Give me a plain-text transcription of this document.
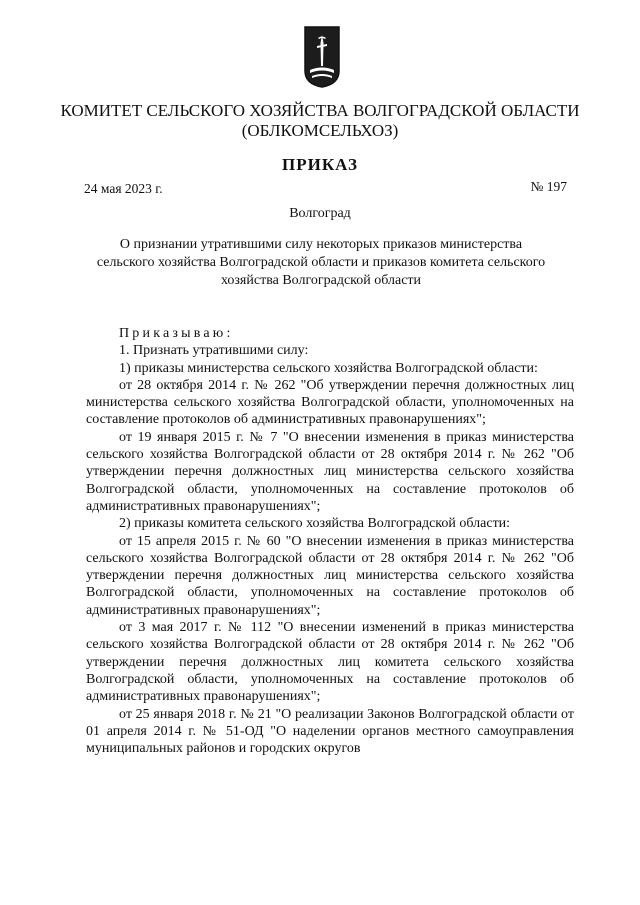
КОМИТЕТ СЕЛЬСКОГО ХОЗЯЙСТВА ВОЛГОГРАДСКОЙ ОБЛАСТИ
(ОБЛКОМСЕЛЬХОЗ)
ПРИКАЗ
24 мая 2023 г.	№ 197
Волгоград
О признании утратившими силу некоторых приказов министерства сельского хозяйства Волгоградской области и приказов комитета сельского хозяйства Волгоградской области

Приказываю:

1. Признать утратившими силу:

1) приказы министерства сельского хозяйства Волгоградской области:

от 28 октября 2014 г. № 262 "Об утверждении перечня должностных лиц министерства сельского хозяйства Волгоградской области, уполномоченных на составление протоколов об административных правонарушениях";

от 19 января 2015 г. № 7 "О внесении изменения в приказ министерства сельского хозяйства Волгоградской области от 28 октября 2014 г. № 262 "Об утверждении перечня должностных лиц министерства сельского хозяйства Волгоградской области, уполномоченных на составление протоколов об административных правонарушениях";

2) приказы комитета сельского хозяйства Волгоградской области:

от 15 апреля 2015 г. № 60 "О внесении изменения в приказ министерства сельского хозяйства Волгоградской области от 28 октября 2014 г. № 262 "Об утверждении перечня должностных лиц министерства сельского хозяйства Волгоградской области, уполномоченных на составление протоколов об административных правонарушениях";

от 3 мая 2017 г. № 112 "О внесении изменений в приказ министерства сельского хозяйства Волгоградской области от 28 октября 2014 г. № 262 "Об утверждении перечня должностных лиц комитета сельского хозяйства Волгоградской области, уполномоченных на составление протоколов об административных правонарушениях";

от 25 января 2018 г. № 21 "О реализации Законов Волгоградской области от 01 апреля 2014 г. № 51-ОД "О наделении органов местного самоуправления муниципальных районов и городских округов
